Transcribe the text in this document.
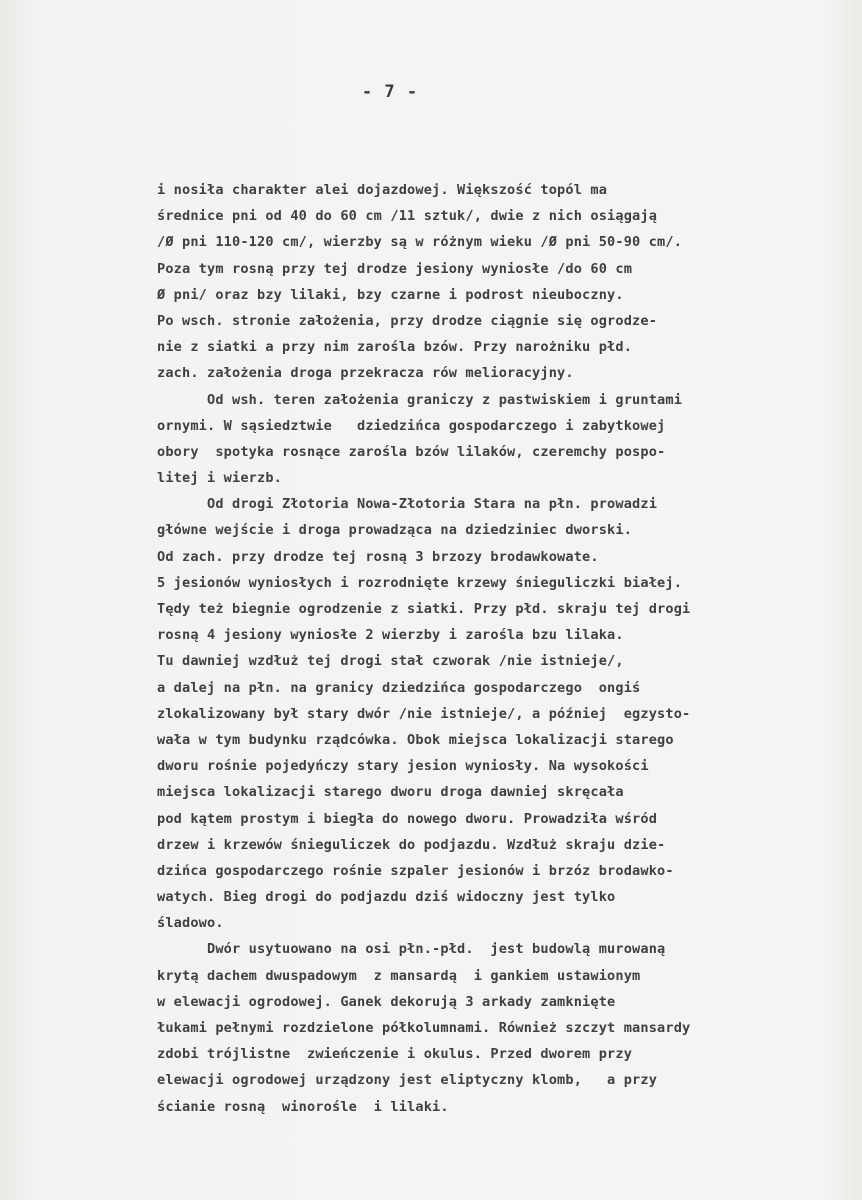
- 7 -
i nosiła charakter alei dojazdowej. Większość topól ma
średnice pni od 40 do 60 cm /11 sztuk/, dwie z nich osiągają
/Ø pni 110-120 cm/, wierzby są w różnym wieku /Ø pni 50-90 cm/.
Poza tym rosną przy tej drodze jesiony wyniosłe /do 60 cm
Ø pni/ oraz bzy lilaki, bzy czarne i podrost nieuboczny.
Po wsch. stronie założenia, przy drodze ciągnie się ogrodze-
nie z siatki a przy nim zarośla bzów. Przy narożniku płd.
zach. założenia droga przekracza rów melioracyjny.
Od wsh. teren założenia graniczy z pastwiskiem i gruntami
ornymi. W sąsiedztwie   dziedzińca gospodarczego i zabytkowej
obory  spotyka rosnące zarośla bzów lilaków, czeremchy pospo-
litej i wierzb.
Od drogi Złotoria Nowa-Złotoria Stara na płn. prowadzi
główne wejście i droga prowadząca na dziedziniec dworski.
Od zach. przy drodze tej rosną 3 brzozy brodawkowate.
5 jesionów wyniosłych i rozrodnięte krzewy śnieguliczki białej.
Tędy też biegnie ogrodzenie z siatki. Przy płd. skraju tej drogi
rosną 4 jesiony wyniosłe 2 wierzby i zarośla bzu lilaka.
Tu dawniej wzdłuż tej drogi stał czworak /nie istnieje/,
a dalej na płn. na granicy dziedzińca gospodarczego  ongiś
zlokalizowany był stary dwór /nie istnieje/, a później  egzysto-
wała w tym budynku rządcówka. Obok miejsca lokalizacji starego
dworu rośnie pojedyńczy stary jesion wyniosły. Na wysokości
miejsca lokalizacji starego dworu droga dawniej skręcała
pod kątem prostym i biegła do nowego dworu. Prowadziła wśród
drzew i krzewów śnieguliczek do podjazdu. Wzdłuż skraju dzie-
dzińca gospodarczego rośnie szpaler jesionów i brzóz brodawko-
watych. Bieg drogi do podjazdu dziś widoczny jest tylko
śladowo.
Dwór usytuowano na osi płn.-płd.  jest budowlą murowaną
krytą dachem dwuspadowym  z mansardą  i gankiem ustawionym
w elewacji ogrodowej. Ganek dekorują 3 arkady zamknięte
łukami pełnymi rozdzielone półkolumnami. Również szczyt mansardy
zdobi trójlistne  zwieńczenie i okulus. Przed dworem przy
elewacji ogrodowej urządzony jest eliptyczny klomb,   a przy
ścianie rosną  winorośle  i lilaki.
